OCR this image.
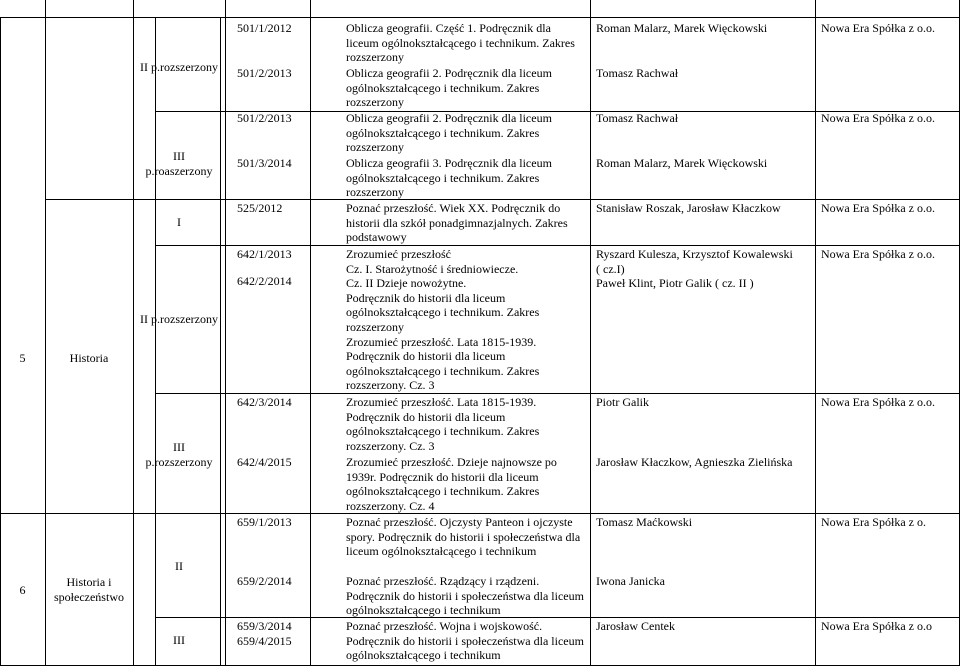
5	Historia

6

Historia i

społeczeństwo

II p.rozszerzony

III

p.roaszerzony

I

II p.rozszerzony

III

p.rozszerzony

II

III

501/1/2012

501/2/2013

501/2/2013

501/3/2014

525/2012

642/1/2013

642/2/2014

642/3/2014

642/4/2015

659/1/2013

659/2/2014

659/3/2014

659/4/2015

Oblicza geografii. Część 1. Podręcznik dla liceum ogólnokształcącego i technikum. Zakres rozszerzony

Oblicza geografii 2. Podręcznik dla liceum ogólnokształcącego i technikum. Zakres rozszerzony

Oblicza geografii 2. Podręcznik dla liceum ogólnokształcącego i technikum. Zakres rozszerzony

Oblicza geografii 3. Podręcznik dla liceum ogólnokształcącego i technikum. Zakres rozszerzony

Poznać przeszłość. Wiek XX. Podręcznik do historii dla szkół ponadgimnazjalnych. Zakres podstawowy

Zrozumieć przeszłość

Cz. I. Starożytność i średniowiecze.

Cz. II Dzieje nowożytne.

Podręcznik do historii dla liceum

ogólnokształcącego i technikum. Zakres

rozszerzony

Zrozumieć przeszłość. Lata 1815-1939.

Podręcznik do historii dla liceum

ogólnokształcącego i technikum. Zakres

rozszerzony. Cz. 3

Zrozumieć przeszłość. Lata 1815-1939. Podręcznik do historii dla liceum ogólnokształcącego i technikum. Zakres rozszerzony. Cz. 3

Zrozumieć przeszłość. Dzieje najnowsze po 1939r. Podręcznik do historii dla liceum ogólnokształcącego i technikum. Zakres rozszerzony. Cz. 4

Poznać przeszłość. Ojczysty Panteon i ojczyste spory. Podręcznik do historii i społeczeństwa dla liceum ogólnokształcącego i technikum

Poznać przeszłość. Rządzący i rządzeni. Podręcznik do historii i społeczeństwa dla liceum ogólnokształcącego i technikum

Poznać przeszłość. Wojna i wojskowość. Podręcznik do historii i społeczeństwa dla liceum ogólnokształcącego i technikum

Roman Malarz, Marek Więckowski

Tomasz Rachwał

Tomasz Rachwał

Roman Malarz, Marek Więckowski

Stanisław Roszak, Jarosław Kłaczkow

Ryszard Kulesza, Krzysztof Kowalewski

( cz.I)

Paweł Klint, Piotr Galik ( cz. II )

Piotr Galik

Jarosław Kłaczkow, Agnieszka Zielińska

Tomasz Maćkowski

Iwona Janicka

Jarosław Centek

Nowa Era Spółka z o.o.

Nowa Era Spółka z o.o.

Nowa Era Spółka z o.o.

Nowa Era Spółka z o.o.

Nowa Era Spółka z o.o.

Nowa Era Spółka z o.

Nowa Era Spółka z o.o
